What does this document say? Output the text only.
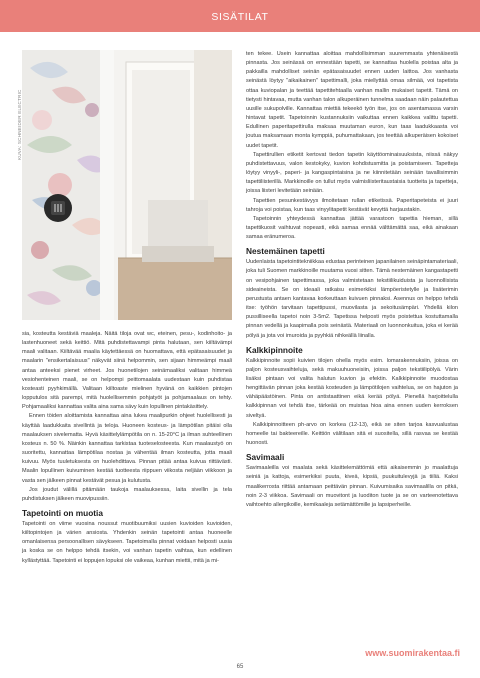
SISÄTILAT
KUVA: SCHNEIDER ELECTRIC

sia, kosteutta kestäviä maaleja. Näitä tiloja ovat wc, eteinen, pesu-, kodinhoito- ja lastenhuoneet sekä keittiö. Mitä puhdistettavampi pinta halutaan, sen kiiltävämpi maali valitaan. Kiiltävää maalia käytettäessä on huomattava, että epätasaisuudet ja maalarin "ensikertalaisuus" näkyvät siinä helpommin, sen sijaan himmeämpi maali antaa anteeksi pienet virheet. Jos huonetilojen seinämaaliksi valitaan himmeä vesiohenteinen maali, se on helpompi peittomaalata uudestaan kuin puhdistaa kosteasti pyyhkimällä. Valitaan kiiltoaste mielinen hyvänä on kaikkien pintojen lopputulos sitä parempi, mitä huolellisemmin pohjatyöt ja pohjamaalaus on tehty. Pohjamaaliksi kannattaa valita aina sama sävy kuin lopullinen pintakäsittely.

Ennen töiden aloittamista kannattaa aina lukea maalipurkin ohjeet huolellisesti ja käyttää laadukkaita sivellintä ja teloja. Huoneen kosteus- ja lämpötilan pitäisi olla maalauksen sivelematta. Hyvä käsittelylämpötila on n. 15-20°C ja ilman suhteellinen kosteus n. 50 %. Näinkin kannattaa tarkistaa tuoteselosteesta. Kun maalaustyö on suoritettu, kannattaa lämpötilaa nostaa ja vähentää ilman kosteutta, jotta maali kuivuu. Myös tuuletuksesta on huolehdittava. Pinnan pitää antaa kuivua riittävästi. Maalin lopullinen kuivuminen kestää tuotteesta riippuen viikosta neljään viikkoon ja vasta sen jälkeen pinnat kestävät pesua ja kulutusta.

Jos joudut välillä pitämään taukoja maalauksessa, laita sivellin ja tela puhdistuksen jälkeen muovipussiin.

Tapetointi on muotia

Tapetointi on viime vuosina noussut muotibuumiksi uusien kuvioiden kuvioiden, kiiltopintojen ja värien ansiosta. Yhdenkin seinän tapetointi antaa huoneelle omanlaisensa persoonallisen sävykseen. Tapetoimalla pinnat voidaan helposti uusia ja koska se on helppo tehdä itsekin, voi vanhan tapetin vaihtaa, kun edellinen kyllästyttää. Tapetointi ei loppujen lopuksi ole vaikeaa, kunhan miettii, mitä ja mi-

ten tekee. Usein kannattaa aloittaa mahdollisimman suuremmasta yhtenäisestä pinnasta. Jos seinässä on ennestään tapetti, se kannattaa huolella poistaa alta ja pakkailla mahdolliset seinän epätasaisuudet ennen uuden laittoa. Jos vanhasta seinästä löytyy "aikaikainen" tapettimalli, joka miellyttää omaa silmää, voi tapetista ottaa kuviopalan ja teettää tapettitehtaalla vanhan mallin mukaiset tapetit. Tämä on tietysti hintavaa, mutta vanhan talon alkuperäinen tunnelma saadaan näin palautettua uusille sukupolville. Kannattaa miettiä tekeekö työn itse, jos on asentamassa varsin hintavat tapetit. Tapetoinnin kustannuksiin vaikuttaa ennen kaikkea valittu tapetti. Edullinen paperitapettirulla maksaa muutaman euron, kun taas laadukkaasta voi joutua maksamaan monta kymppiä, puhumattakaan, jos teettää alkuperäisen kokoiset uudet tapetit.

Tapettirullien etiketit kertovat tiedon tapetin käyttöominaisuuksista, niissä näkyy puhdistettavuus, valon kestokyky, kuvion kohdistusmitta ja poistamiseen. Tapetteja löytyy vinyyli-, paperi- ja kangaspintaisina ja ne kiinnitetään seinään tavallisimmin tapettiliisterillä. Markkinoille on tullut myös valmisliisteritaustaisia tuotteita ja tapetteja, joissa liisteri levitetään seinään.

Tapettien pesunkestävyys ilmoitetaan rullan etiketissä. Paperitapeteista ei juuri tahroja voi poistaa, kun taas vinyylitapetit kestävät kevyttä harjaustakin.

Tapetoinnin yhteydessä kannattaa jättää varastoon tapettia hieman, sillä tapettikuosit vaihtuvat nopeasti, eikä samaa ennää välttämättä saa, eikä ainakaan samaa eränumeroa.

Nestemäinen tapetti

Uudenlaista tapetointitekniikkaa edustaa perinteinen japanilainen seinäpintamateriaali, joka tuli Suomen markkinoille muutama vuosi sitten. Tämä nestemäinen kangastapetti on vesipohjainen tapettimassa, joka valmistetaan tekstiilikuiduista ja luonnollisista sideaineista. Se on ideaali ratkaisu esimerkiksi lämpöeristetylle ja lisäterimin perustusta antaen kantavaa korkeuttaan kuivuen pinnaksi. Asennus on helppo tehdä itse: työhön tarvitaan tapettipussi, muovilasta ja sekoitusämpäri. Yhdellä kilon pussilliseella tapetoi noin 3-5m2. Tapetissa helposti myös poistettua kostuttamalla pinnan vedellä ja kaapimalla pois seinästä. Materiaali on luonnonkuitua, joka ei kerää pölyä ja jota voi imuroida ja pyyhkiä nihkeällä liinalla.

Kalkkipinnoite

Kalkkipinnoite sopii kuivien tilojen ohella myös esim. lomarakennuksiin, joissa on paljon kosteusvaihteluja, sekä makuuhuoneisiin, joissa paljon tekstiilipölyä. Värin lisäksi pintaan voi valita halutun kuvion ja efektin. Kalkkipinnoite muodostaa hengittävän pinnan joka kestää kosteuden ja lämpötilojen vaihtelua, se on hajuton ja vähäpäästöinen. Pinta on antistaattinen eikä kerää pölyä. Pienellä harjoittelulla kalkkipinnan voi tehdä itse, tärkeää on muistaa hioa aina ennen uuden kerroksen siveltyä.

Kalkkipinnoitteen ph-arvo on korkea (12-13), eikä se siten tarjoa kasvualustaa homeelle tai bakteereille. Keittiön välitilaan sitä ei suositella, sillä rasvaa se kestää huonosti.

Savimaali

Savimaaleilla voi maalata sekä käsittelemättömiä että aikaisemmin jo maalattuja seiniä ja kattoja, esimerkiksi puuta, kiveä, kipsiä, puukuitulevyjä ja tiiliä. Kaksi maalikerrosta riittää antamaan peittävän pinnan. Kuivumisaika savimaalilla on pitkä, noin 2-3 viikkoa. Savimaali on muovitont ja luoditon tuote ja se on varteenotettava vaihtoehto allergikoille, kemikaaleja setämättömille ja lapsiperheille.

www.suomirakentaa.fi
65
